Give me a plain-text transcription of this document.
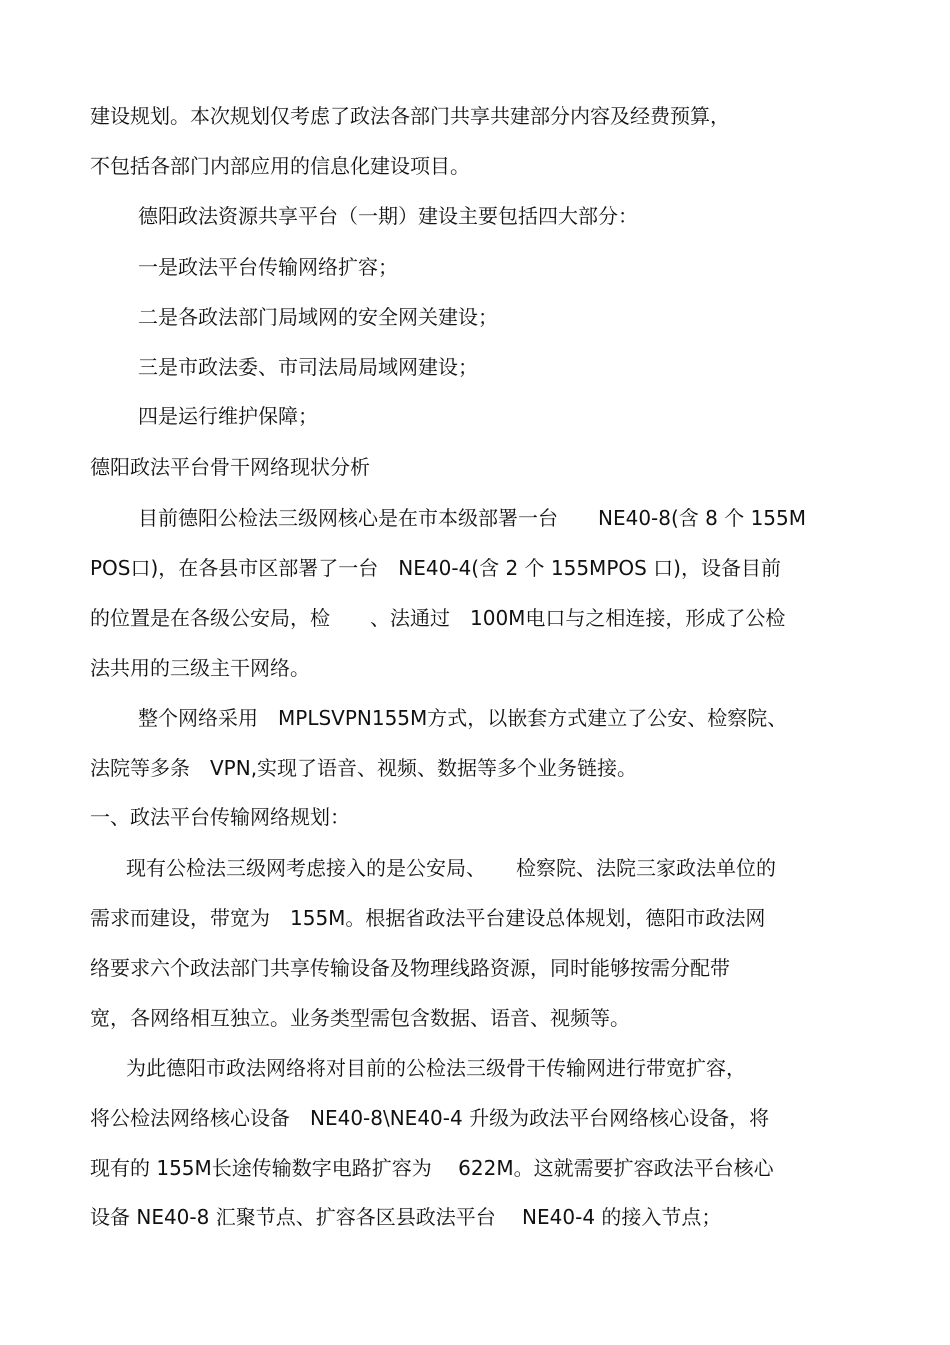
建设规划。本次规划仅考虑了政法各部门共享共建部分内容及经费预算，

不包括各部门内部应用的信息化建设项目。

德阳政法资源共享平台（一期）建设主要包括四大部分：

一是政法平台传输网络扩容；

二是各政法部门局域网的安全网关建设；

三是市政法委、市司法局局域网建设；

四是运行维护保障；

德阳政法平台骨干网络现状分析

目前德阳公检法三级网核心是在市本级部署一台　　NE40-8(含 8 个 155M

POS口)，在各县市区部署了一台　NE40-4(含 2 个 155MPOS 口)，设备目前

的位置是在各级公安局，检　　、法通过　100M电口与之相连接，形成了公检

法共用的三级主干网络。

整个网络采用　MPLSVPN155M方式，以嵌套方式建立了公安、检察院、

法院等多条　VPN,实现了语音、视频、数据等多个业务链接。

一、政法平台传输网络规划：

现有公检法三级网考虑接入的是公安局、　　检察院、法院三家政法单位的

需求而建设，带宽为　155M。根据省政法平台建设总体规划，德阳市政法网

络要求六个政法部门共享传输设备及物理线路资源，同时能够按需分配带

宽，各网络相互独立。业务类型需包含数据、语音、视频等。

为此德阳市政法网络将对目前的公检法三级骨干传输网进行带宽扩容，

将公检法网络核心设备　NE40-8\NE40-4 升级为政法平台网络核心设备，将

现有的 155M长途传输数字电路扩容为　 622M。这就需要扩容政法平台核心

设备 NE40-8 汇聚节点、扩容各区县政法平台　 NE40-4 的接入节点；
